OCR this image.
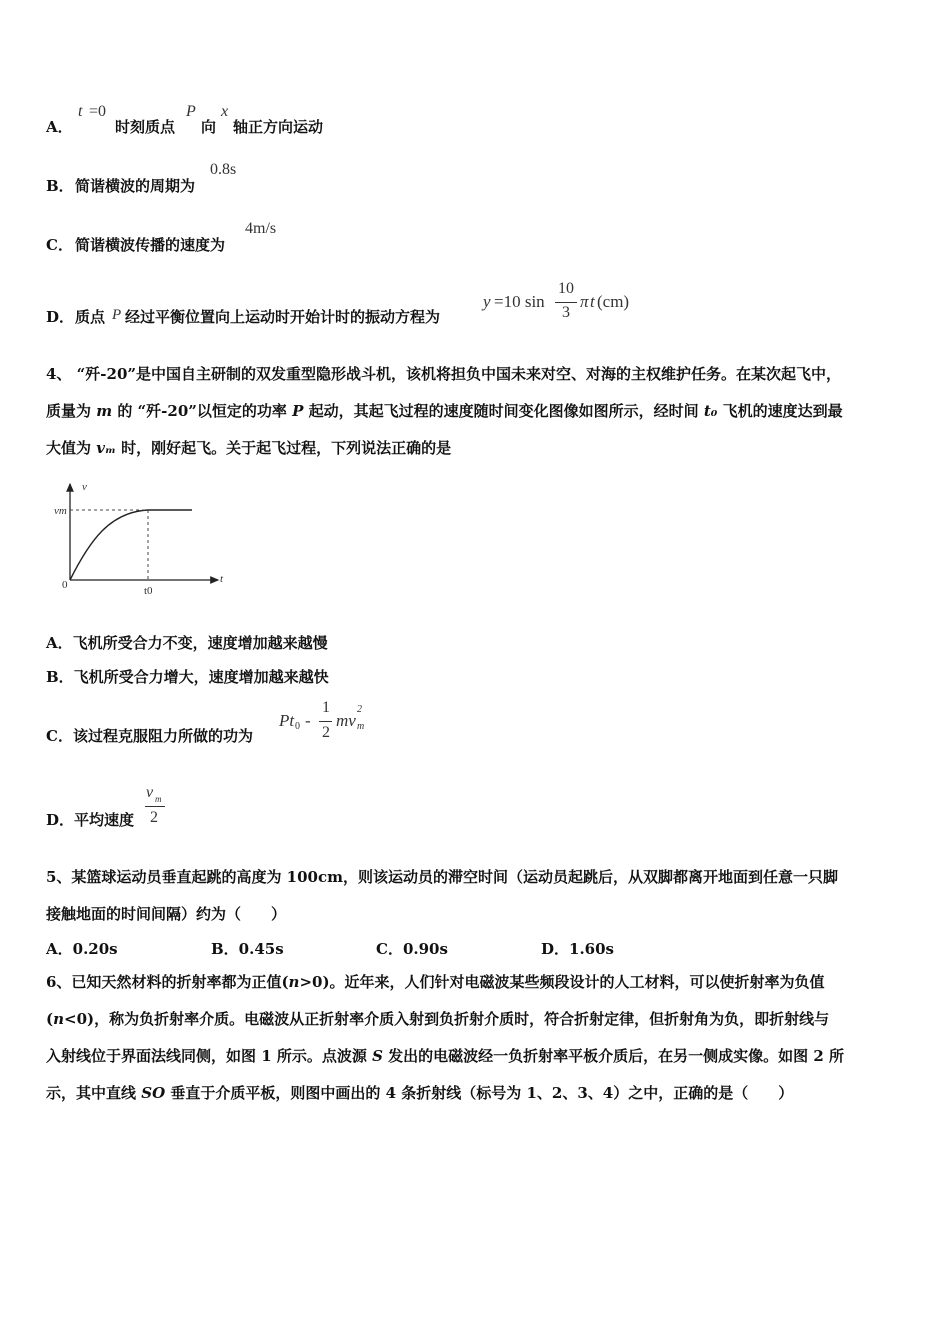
A．
t =0
时刻质点
P
向
x
轴正方向运动
B． 简谐横波的周期为
0.8s
C． 简谐横波传播的速度为
4m/s
D． 质点 P 经过平衡位置向上运动时开始计时的振动方程为
y =10 sin
10
3
π t (cm)
4、 “歼-20”是中国自主研制的双发重型隐形战斗机，该机将担负中国未来对空、对海的主权维护任务。在某次起飞中，
质量为 m 的 “歼-20”以恒定的功率 P 起动，其起飞过程的速度随时间变化图像如图所示，经时间 t₀ 飞机的速度达到最
大值为 vₘ 时，刚好起飞。关于起飞过程，下列说法正确的是
v
t
vm
0	t0
A．飞机所受合力不变，速度增加越来越慢
B．飞机所受合力增大，速度增加越来越快
C．该过程克服阻力所做的功为
Pt 0 -
1
2
mv
2
m
D．平均速度
v m
2
5、某篮球运动员垂直起跳的高度为 100cm，则该运动员的滞空时间（运动员起跳后，从双脚都离开地面到任意一只脚
接触地面的时间间隔）约为（　　）
A．0.20s	B．0.45s	C．0.90s	D．1.60s
6、已知天然材料的折射率都为正值(n>0)。近年来，人们针对电磁波某些频段设计的人工材料，可以使折射率为负值
(n<0)，称为负折射率介质。电磁波从正折射率介质入射到负折射介质时，符合折射定律，但折射角为负，即折射线与
入射线位于界面法线同侧，如图 1 所示。点波源 S 发出的电磁波经一负折射率平板介质后，在另一侧成实像。如图 2 所
示，其中直线 SO 垂直于介质平板，则图中画出的 4 条折射线（标号为 1、2、3、4）之中，正确的是（　　）
